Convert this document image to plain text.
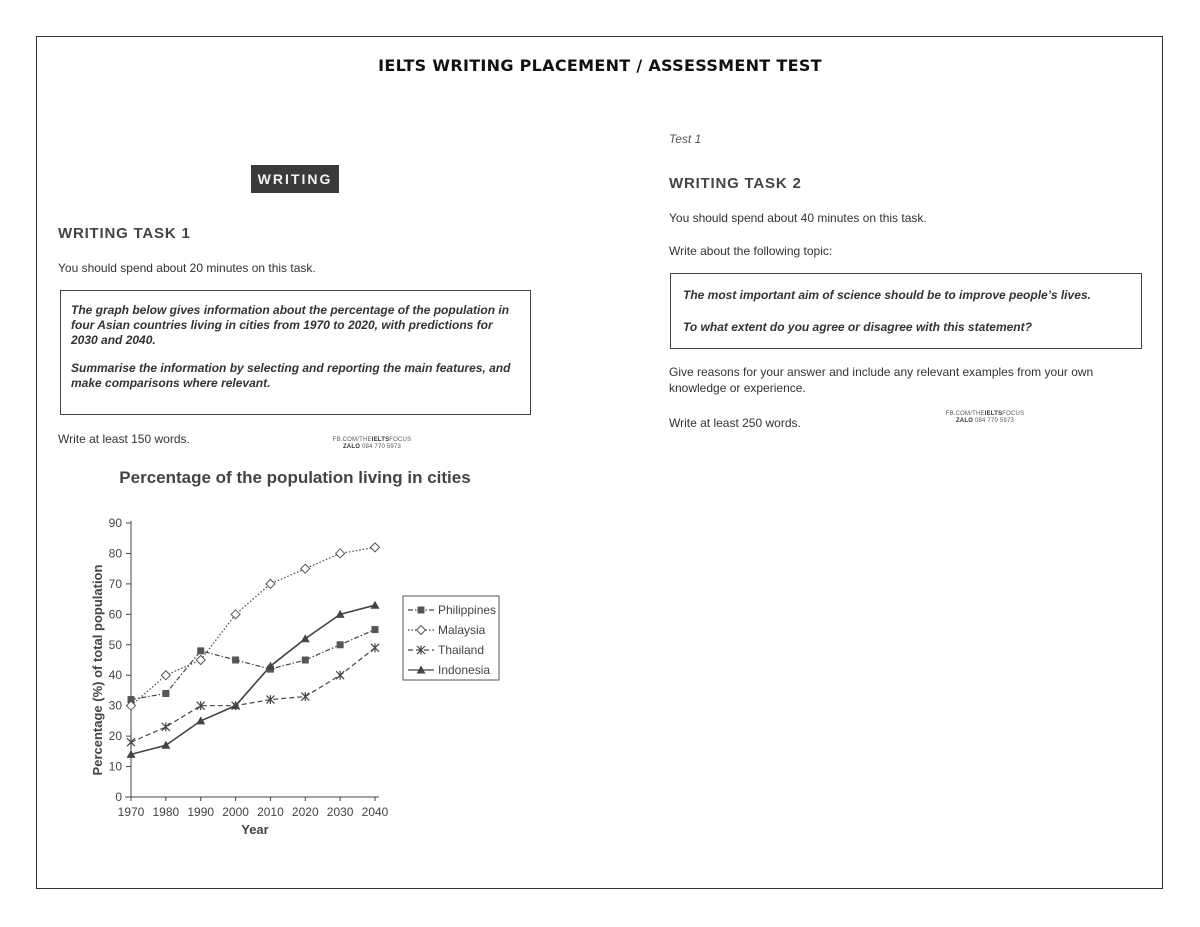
IELTS WRITING PLACEMENT / ASSESSMENT TEST
WRITING
WRITING TASK 1
You should spend about 20 minutes on this task.

The graph below gives information about the percentage of the population in four Asian countries living in cities from 1970 to 2020, with predictions for 2030 and 2040.

Summarise the information by selecting and reporting the main features, and make comparisons where relevant.

Write at least 150 words.	FB.COM/THEIELTSFOCUS
ZALO 084 770 5973
Percentage of the population living in cities
0
10
20
30
40
50
60
70
80
90
1970 1980 1990 2000 2010 2020 2030 2040
Year
Percentage (%) of total population	Philippines
Malaysia
Thailand
Indonesia
Test 1
WRITING TASK 2
You should spend about 40 minutes on this task.
Write about the following topic:

The most important aim of science should be to improve people’s lives.

To what extent do you agree or disagree with this statement?

Give reasons for your answer and include any relevant examples from your own knowledge or experience.
Write at least 250 words.
FB.COM/THEIELTSFOCUS
ZALO 084 770 5973
